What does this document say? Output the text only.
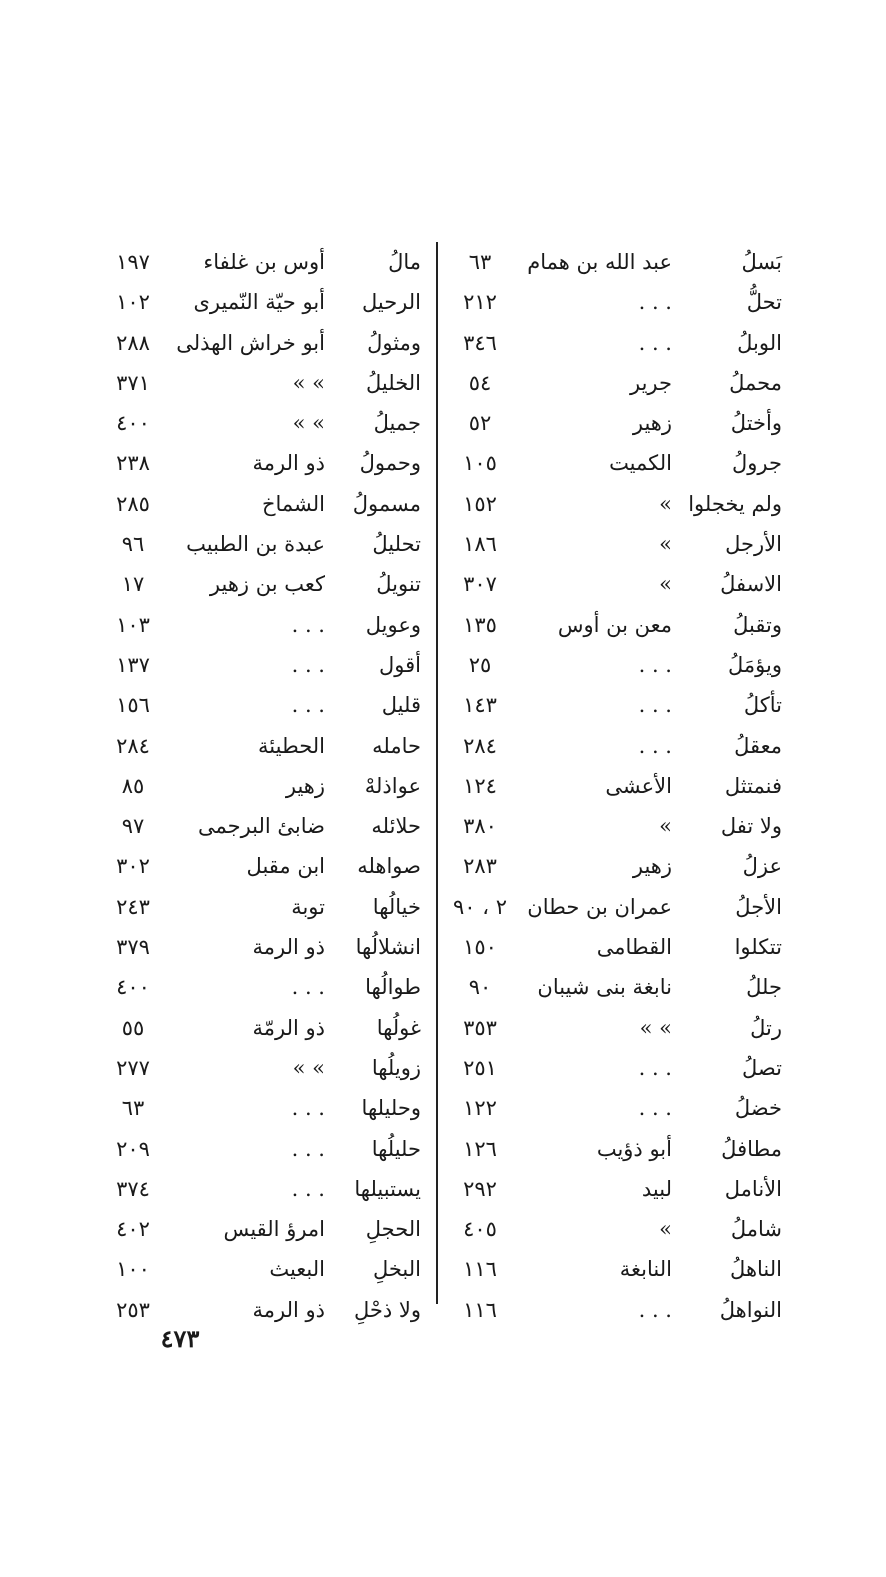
بَسلُ
عبد الله بن همام
٦٣
تحلُّ
. . .
٢١٢
الوبلُ
. . .
٣٤٦
محملُ
جرير
٥٤
وأختلُ
زهير
٥٢
جرولُ
الكميت
١٠٥
ولم يخجلوا
»
١٥٢
الأرجل
»
١٨٦
الاسفلُ
»
٣٠٧
وتقبلُ
معن بن أوس
١٣٥
ويؤمَلُ
. . .
٢٥
تأكلُ
. . .
١٤٣
معقلُ
. . .
٢٨٤
فنمتثل
الأعشى
١٢٤
ولا تفل
»
٣٨٠
عزلُ
زهير
٢٨٣
الأجلُ
عمران بن حطان
٢ ، ٩٠
تتكلوا
القطامى
١٥٠
جللُ
نابغة بنى شيبان
٩٠
رتلُ
» »
٣٥٣
تصلُ
. . .
٢٥١
خضلُ
. . .
١٢٢
مطافلُ
أبو ذؤيب
١٢٦
الأنامل
لبيد
٢٩٢
شاملُ
»
٤٠٥
الناهلُ
النابغة
١١٦
النواهلُ
. . .
١١٦
مالُ
أوس بن غلفاء
١٩٧
الرحيل
أبو حيّة النّميرى
١٠٢
ومثولُ
أبو خراش الهذلى
٢٨٨
الخليلُ
» »
٣٧١
جميلُ
» »
٤٠٠
وحمولُ
ذو الرمة
٢٣٨
مسمولُ
الشماخ
٢٨٥
تحليلُ
عبدة بن الطبيب
٩٦
تنويلُ
كعب بن زهير
١٧
وعويل
. . .
١٠٣
أقول
. . .
١٣٧
قليل
. . .
١٥٦
حامله
الحطيئة
٢٨٤
عواذلهْ
زهير
٨٥
حلائله
ضابئ البرجمى
٩٧
صواهله
ابن مقبل
٣٠٢
خيالُها
توبة
٢٤٣
انشلالُها
ذو الرمة
٣٧٩
طوالُها
. . .
٤٠٠
غولُها
ذو الرمّة
٥٥
زويلُها
» »
٢٧٧
وحليلها
. . .
٦٣
حليلُها
. . .
٢٠٩
يستبيلها
. . .
٣٧٤
الحجلِ
امرؤ القيس
٤٠٢
البخلِ
البعيث
١٠٠
ولا ذحْلِ
ذو الرمة
٢٥٣
٤٧٣
